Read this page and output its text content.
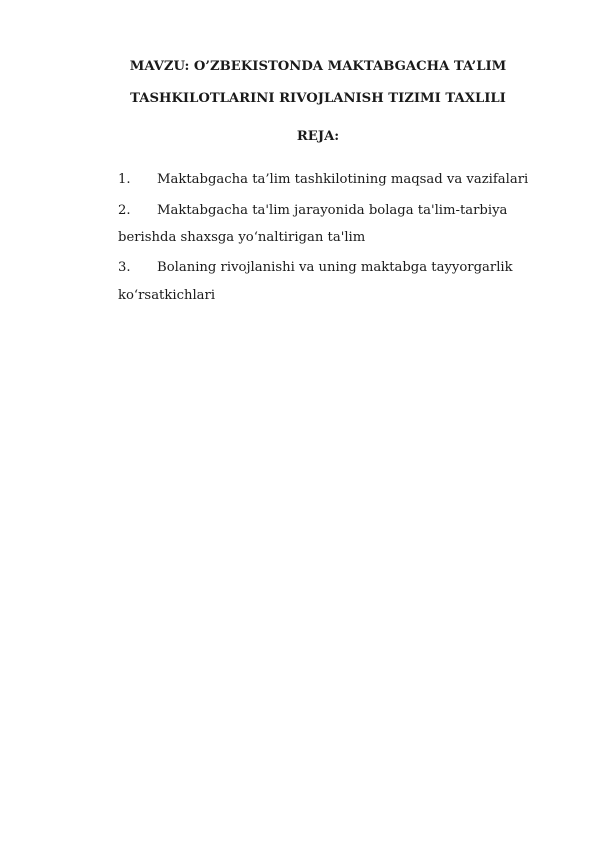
MAVZU: O’ZBEKISTONDA MAKTABGACHA TA’LIM
TASHKILOTLARINI RIVOJLANISH TIZIMI TAXLILI
REJA:
1. Maktabgacha ta’lim tashkilotining maqsad va vazifalari
2. Maktabgacha ta'lim jarayonida bolaga ta'lim-tarbiya
berishda shaxsga yo‘naltirigan ta'lim
3. Bolaning rivojlanishi va uning maktabga tayyorgarlik
ko‘rsatkichlari
